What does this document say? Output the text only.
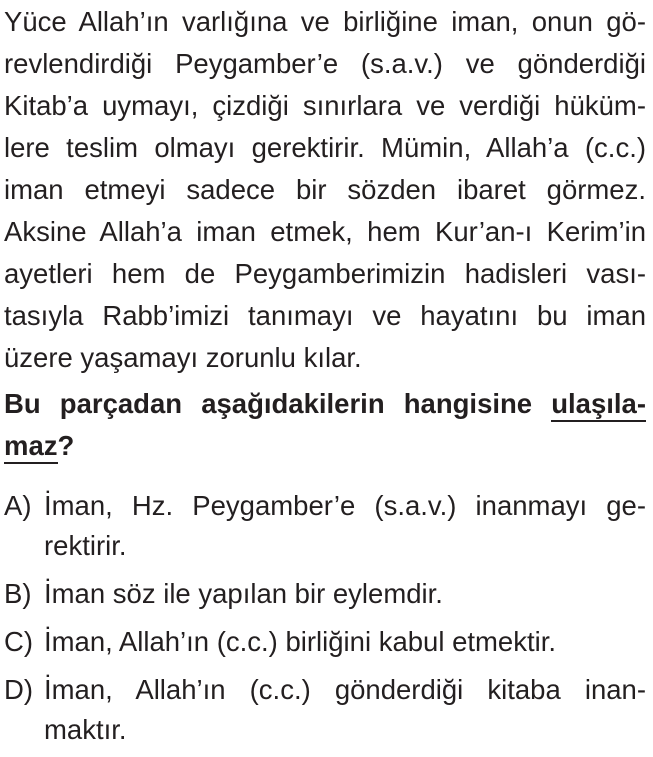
Yüce Allah’ın varlığına ve birliğine iman, onun gö-
revlendirdiği Peygamber’e (s.a.v.) ve gönderdiği
Kitab’a uymayı, çizdiği sınırlara ve verdiği hüküm-
lere teslim olmayı gerektirir. Mümin, Allah’a (c.c.)
iman etmeyi sadece bir sözden ibaret görmez.
Aksine Allah’a iman etmek, hem Kur’an-ı Kerim’in
ayetleri hem de Peygamberimizin hadisleri vası-
tasıyla Rabb’imizi tanımayı ve hayatını bu iman
üzere yaşamayı zorunlu kılar.
Bu parçadan aşağıdakilerin hangisine ulaşıla-
maz?
A) İman, Hz. Peygamber’e (s.a.v.) inanmayı ge-
rektirir.
B) İman söz ile yapılan bir eylemdir.
C) İman, Allah’ın (c.c.) birliğini kabul etmektir.
D) İman, Allah’ın (c.c.) gönderdiği kitaba inan-
maktır.
